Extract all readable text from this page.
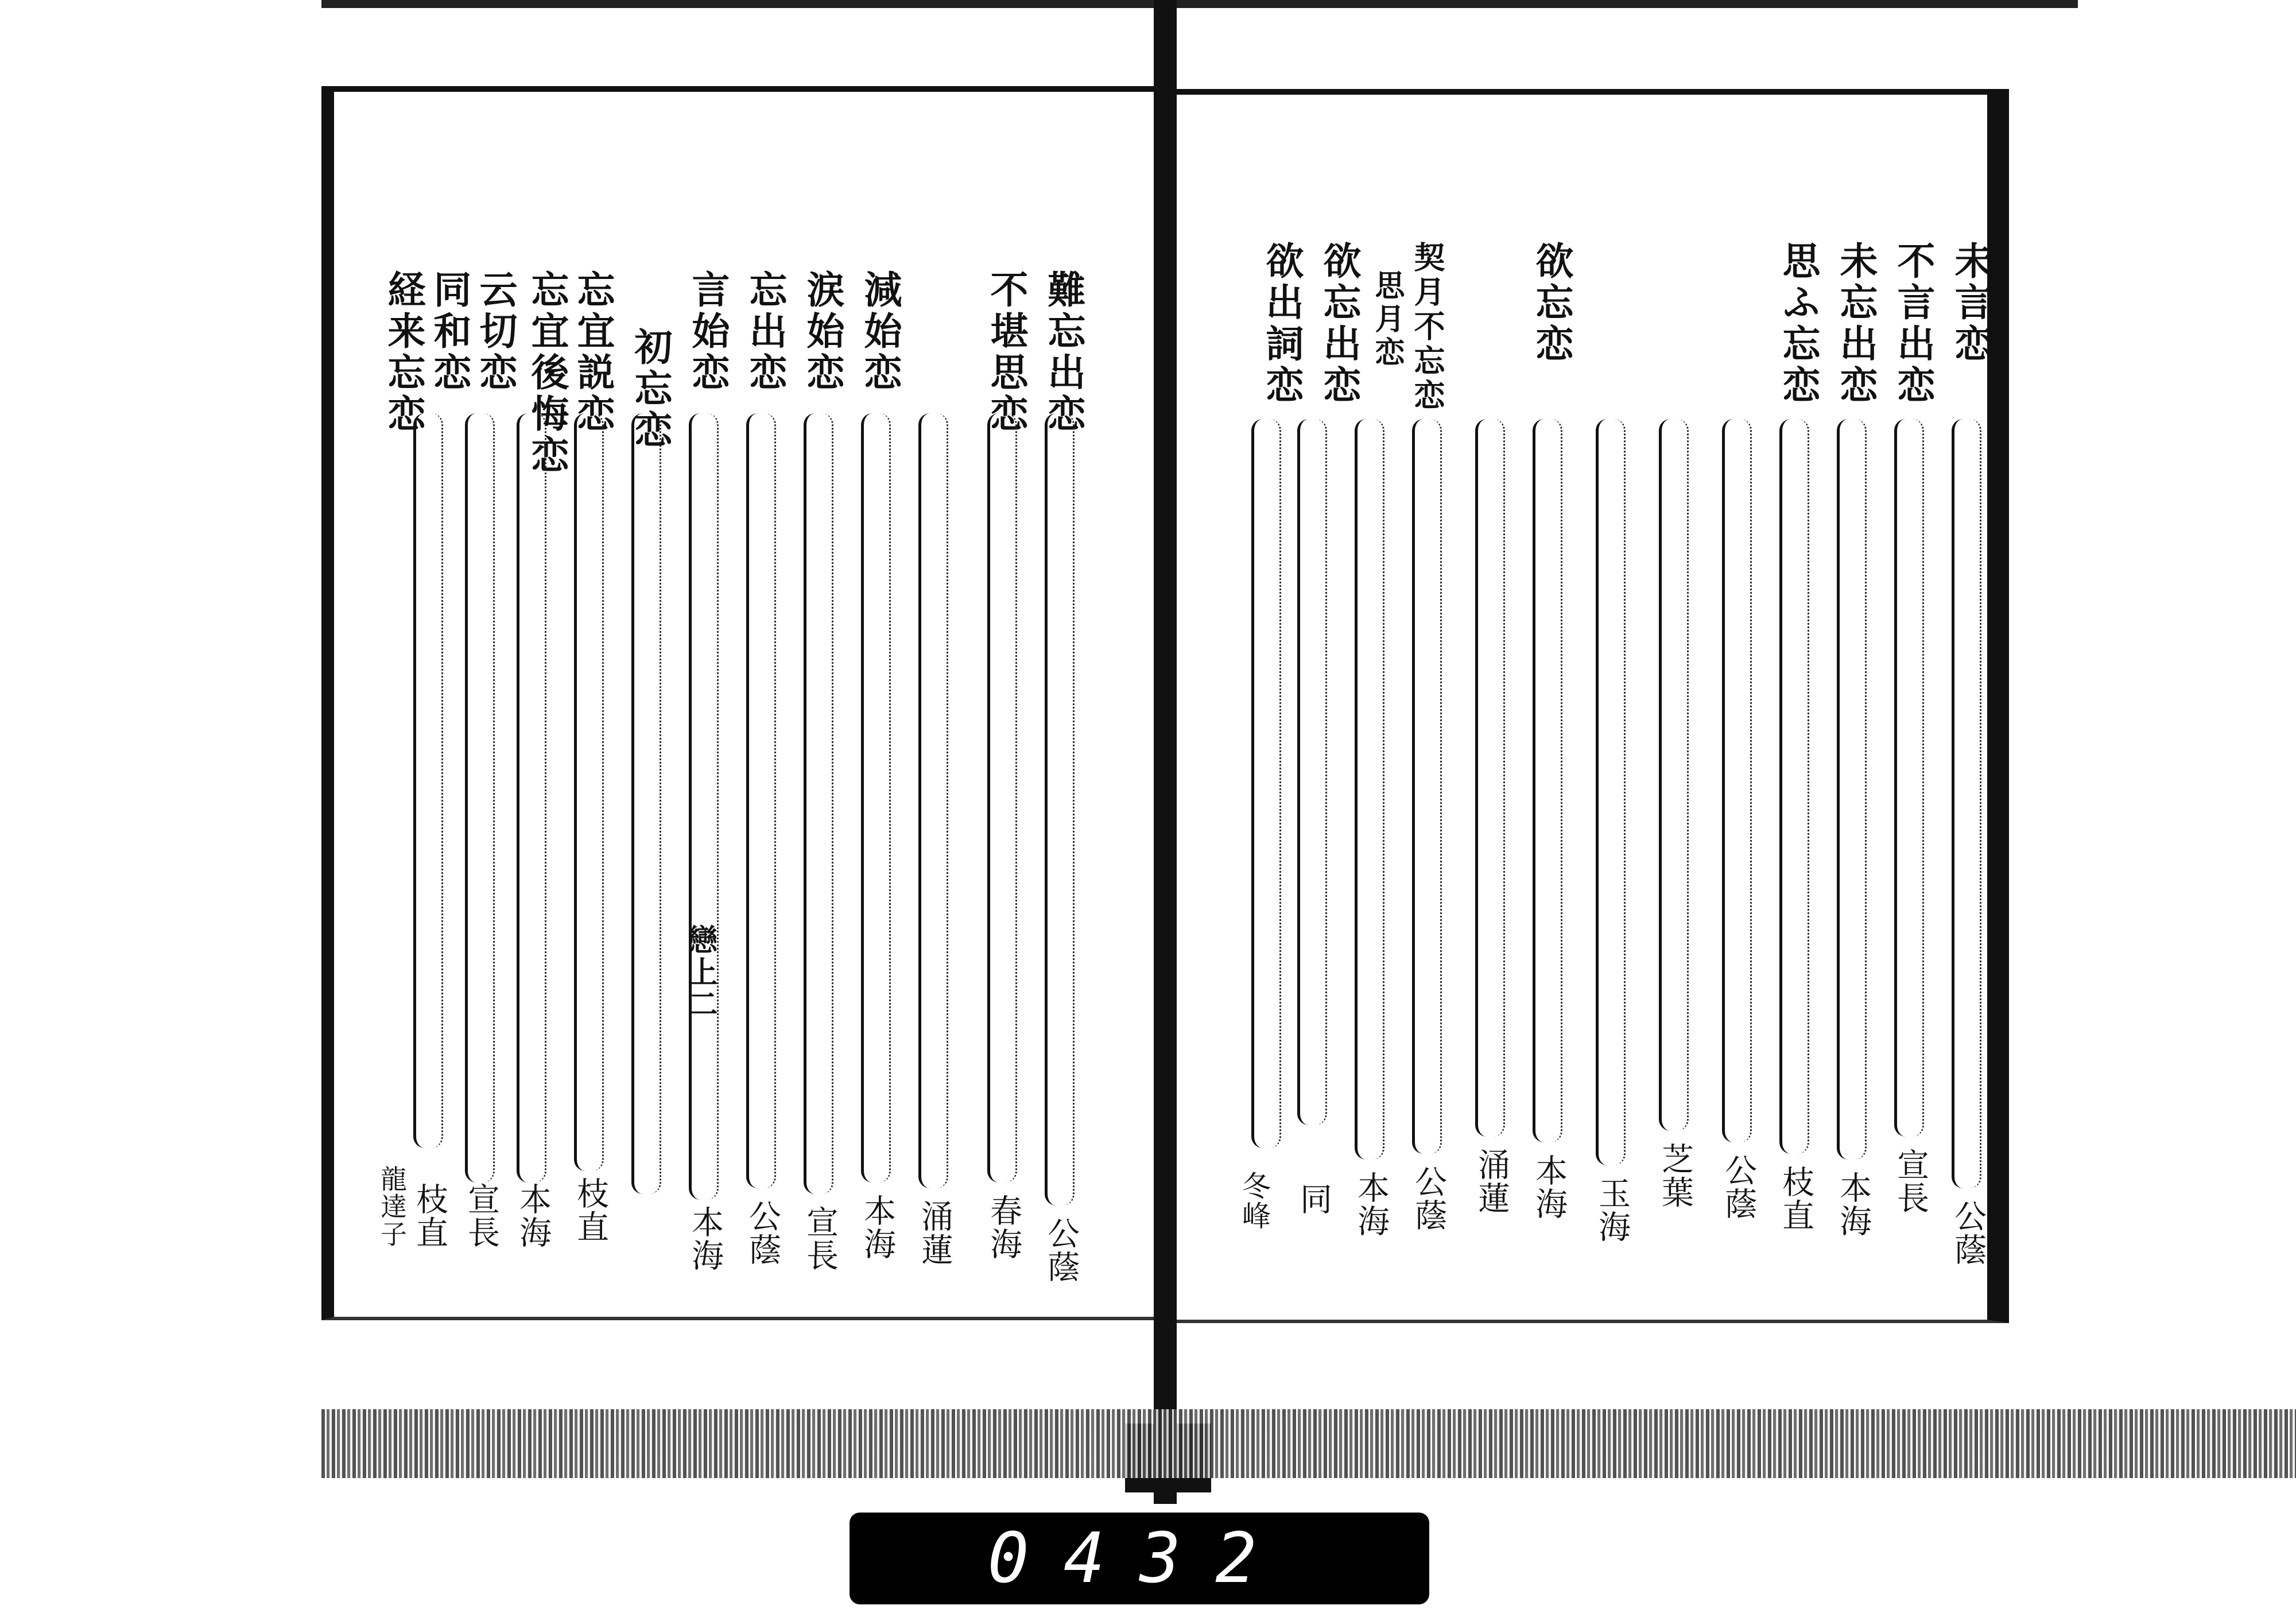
戀上二
未言恋
不言出恋
未忘出恋
思ふ忘恋
欲忘恋
契月不忘恋
思月恋
欲忘出恋
欲出詞恋
公蔭
宣長
本海
枝直
公蔭
芝葉
玉海
本海
涌蓮
公蔭
本海
同
冬峰
難忘出恋
不堪思恋
減始恋
涙始恋
忘出恋
言始恋
初忘恋
忘宜説恋
忘宜後悔恋
云切恋
同和恋
経来忘恋
公蔭
春海
涌蓮
本海
宣長
公蔭
本海
枝直
本海
宣長
枝直
龍達子
0432
